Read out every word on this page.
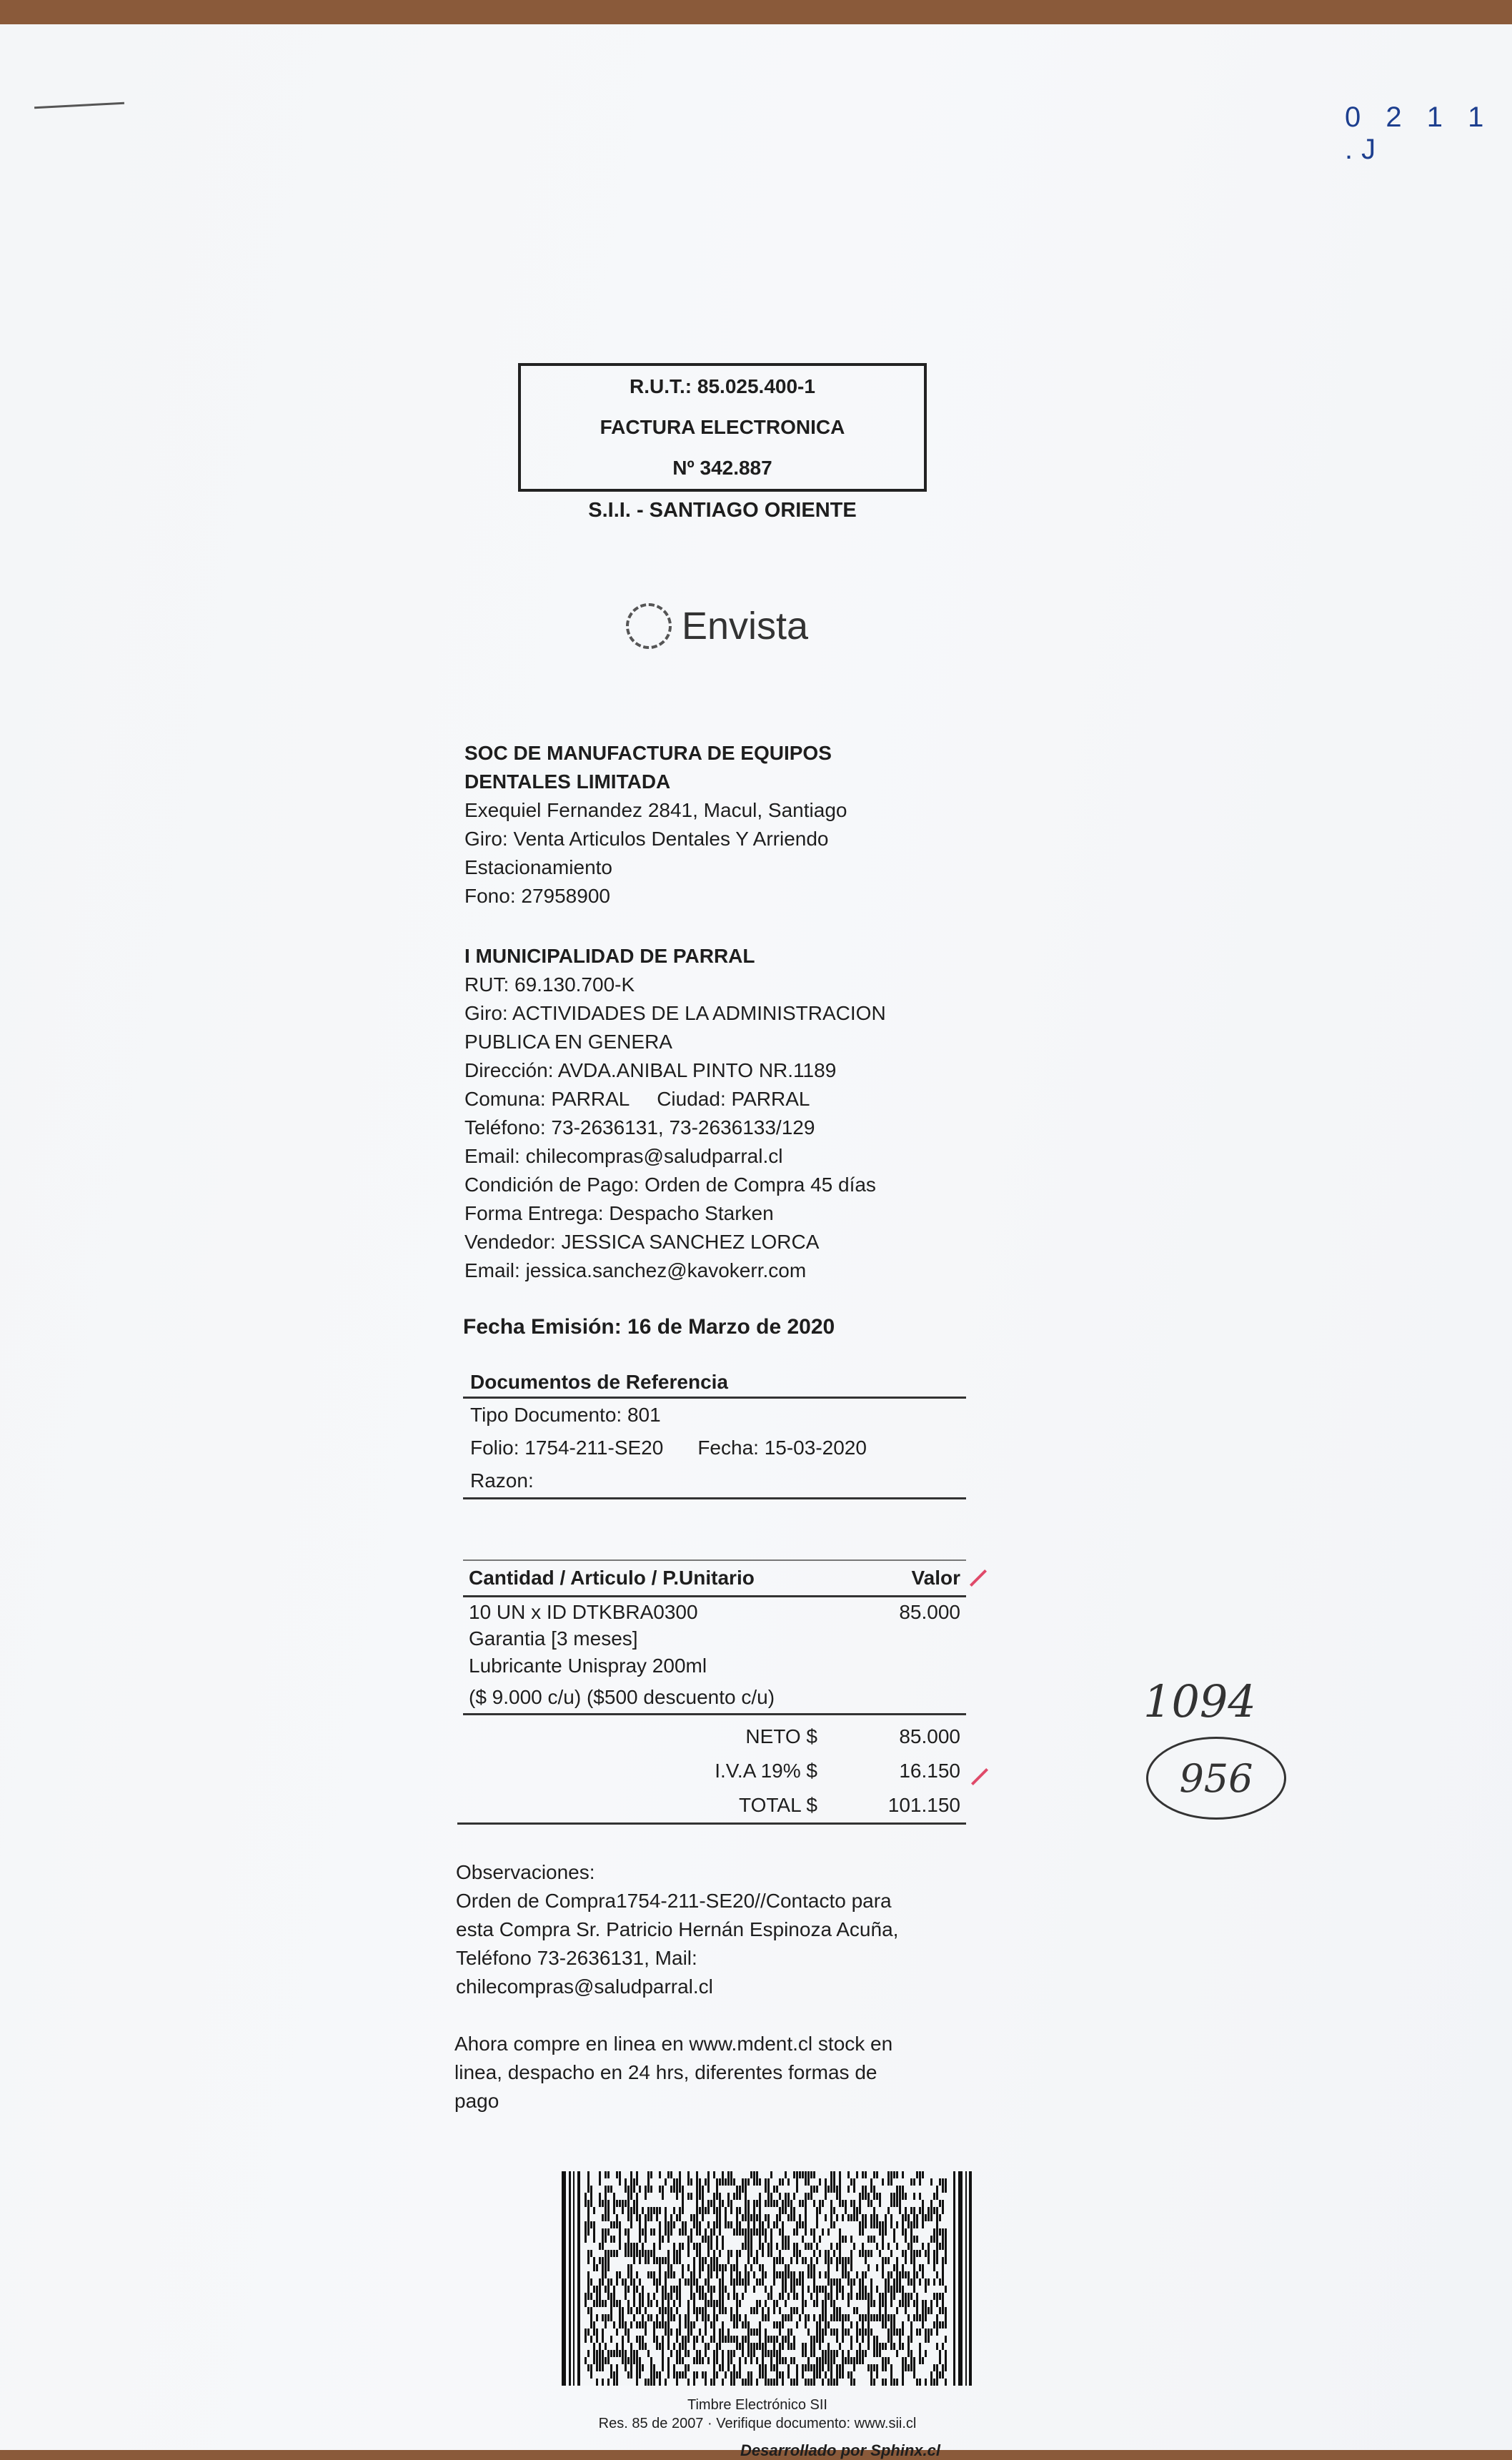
0 2 1 1 .J
R.U.T.: 85.025.400-1
FACTURA ELECTRONICA
Nº 342.887
S.I.I. - SANTIAGO ORIENTE
Envista
SOC DE MANUFACTURA DE EQUIPOS
DENTALES LIMITADA
Exequiel Fernandez 2841, Macul, Santiago
Giro: Venta Articulos Dentales Y Arriendo
Estacionamiento
Fono: 27958900
I MUNICIPALIDAD DE PARRAL
RUT: 69.130.700-K
Giro: ACTIVIDADES DE LA ADMINISTRACION
PUBLICA EN GENERA
Dirección: AVDA.ANIBAL PINTO NR.1189
Comuna: PARRAL     Ciudad: PARRAL
Teléfono: 73-2636131, 73-2636133/129
Email: chilecompras@saludparral.cl
Condición de Pago: Orden de Compra 45 días
Forma Entrega: Despacho Starken
Vendedor: JESSICA SANCHEZ LORCA
Email: jessica.sanchez@kavokerr.com
Fecha Emisión: 16 de Marzo de 2020
Documentos de Referencia
Tipo Documento: 801
Folio: 1754-211-SE20 Fecha: 15-03-2020
Razon:
Cantidad / Articulo / P.Unitario	Valor
10 UN x ID DTKBRA0300	85.000
Garantia [3 meses]
Lubricante Unispray 200ml
($ 9.000 c/u) ($500 descuento c/u)
NETO $	85.000
I.V.A 19% $	16.150
TOTAL $	101.150
1094
956
Observaciones:
Orden de Compra1754-211-SE20//Contacto para
esta Compra Sr. Patricio Hernán Espinoza Acuña,
Teléfono 73-2636131, Mail:
chilecompras@saludparral.cl
Ahora compre en linea en www.mdent.cl stock en
linea, despacho en 24 hrs, diferentes formas de
pago
Timbre Electrónico SII
Res. 85 de 2007 · Verifique documento: www.sii.cl
Desarrollado por Sphinx.cl
